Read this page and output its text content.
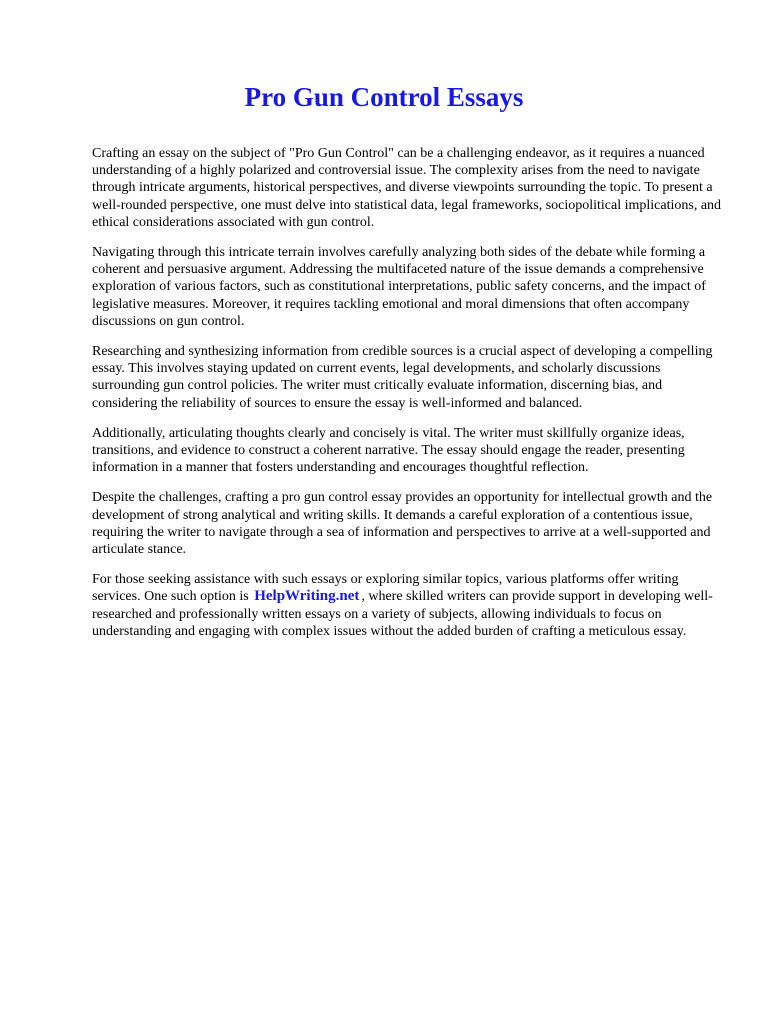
Pro Gun Control Essays

Crafting an essay on the subject of "Pro Gun Control" can be a challenging endeavor, as it requires a nuanced understanding of a highly polarized and controversial issue. The complexity arises from the need to navigate through intricate arguments, historical perspectives, and diverse viewpoints surrounding the topic. To present a well-rounded perspective, one must delve into statistical data, legal frameworks, sociopolitical implications, and ethical considerations associated with gun control.

Navigating through this intricate terrain involves carefully analyzing both sides of the debate while forming a coherent and persuasive argument. Addressing the multifaceted nature of the issue demands a comprehensive exploration of various factors, such as constitutional interpretations, public safety concerns, and the impact of legislative measures. Moreover, it requires tackling emotional and moral dimensions that often accompany discussions on gun control.

Researching and synthesizing information from credible sources is a crucial aspect of developing a compelling essay. This involves staying updated on current events, legal developments, and scholarly discussions surrounding gun control policies. The writer must critically evaluate information, discerning bias, and considering the reliability of sources to ensure the essay is well-informed and balanced.

Additionally, articulating thoughts clearly and concisely is vital. The writer must skillfully organize ideas, transitions, and evidence to construct a coherent narrative. The essay should engage the reader, presenting information in a manner that fosters understanding and encourages thoughtful reflection.

Despite the challenges, crafting a pro gun control essay provides an opportunity for intellectual growth and the development of strong analytical and writing skills. It demands a careful exploration of a contentious issue, requiring the writer to navigate through a sea of information and perspectives to arrive at a well-supported and articulate stance.

For those seeking assistance with such essays or exploring similar topics, various platforms offer writing services. One such option is HelpWriting.net , where skilled writers can provide support in developing well-researched and professionally written essays on a variety of subjects, allowing individuals to focus on understanding and engaging with complex issues without the added burden of crafting a meticulous essay.
